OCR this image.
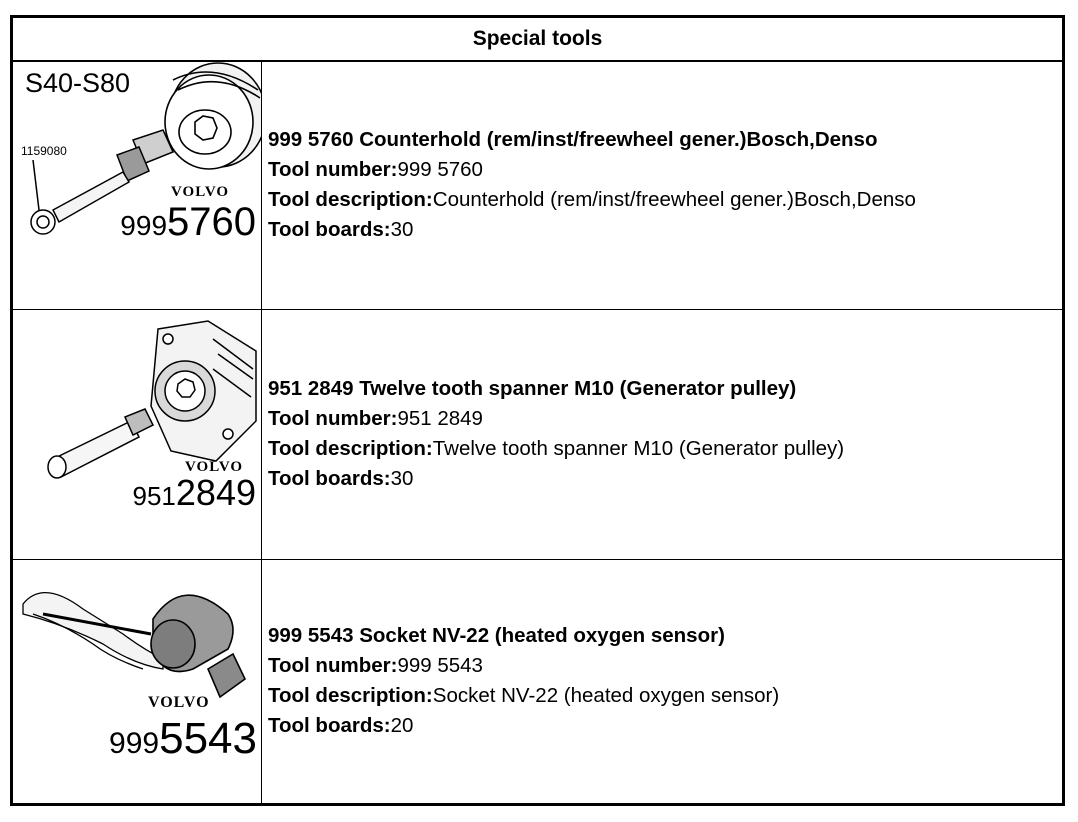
Special tools
S40-S80
1159080
VOLVO
9995760
999 5760 Counterhold (rem/inst/freewheel gener.)Bosch,Denso
Tool number:999 5760
Tool description:Counterhold (rem/inst/freewheel gener.)Bosch,Denso
Tool boards:30
VOLVO
9512849
951 2849 Twelve tooth spanner M10 (Generator pulley)
Tool number:951 2849
Tool description:Twelve tooth spanner M10 (Generator pulley)
Tool boards:30
VOLVO
9995543
999 5543 Socket NV-22 (heated oxygen sensor)
Tool number:999 5543
Tool description:Socket NV-22 (heated oxygen sensor)
Tool boards:20
